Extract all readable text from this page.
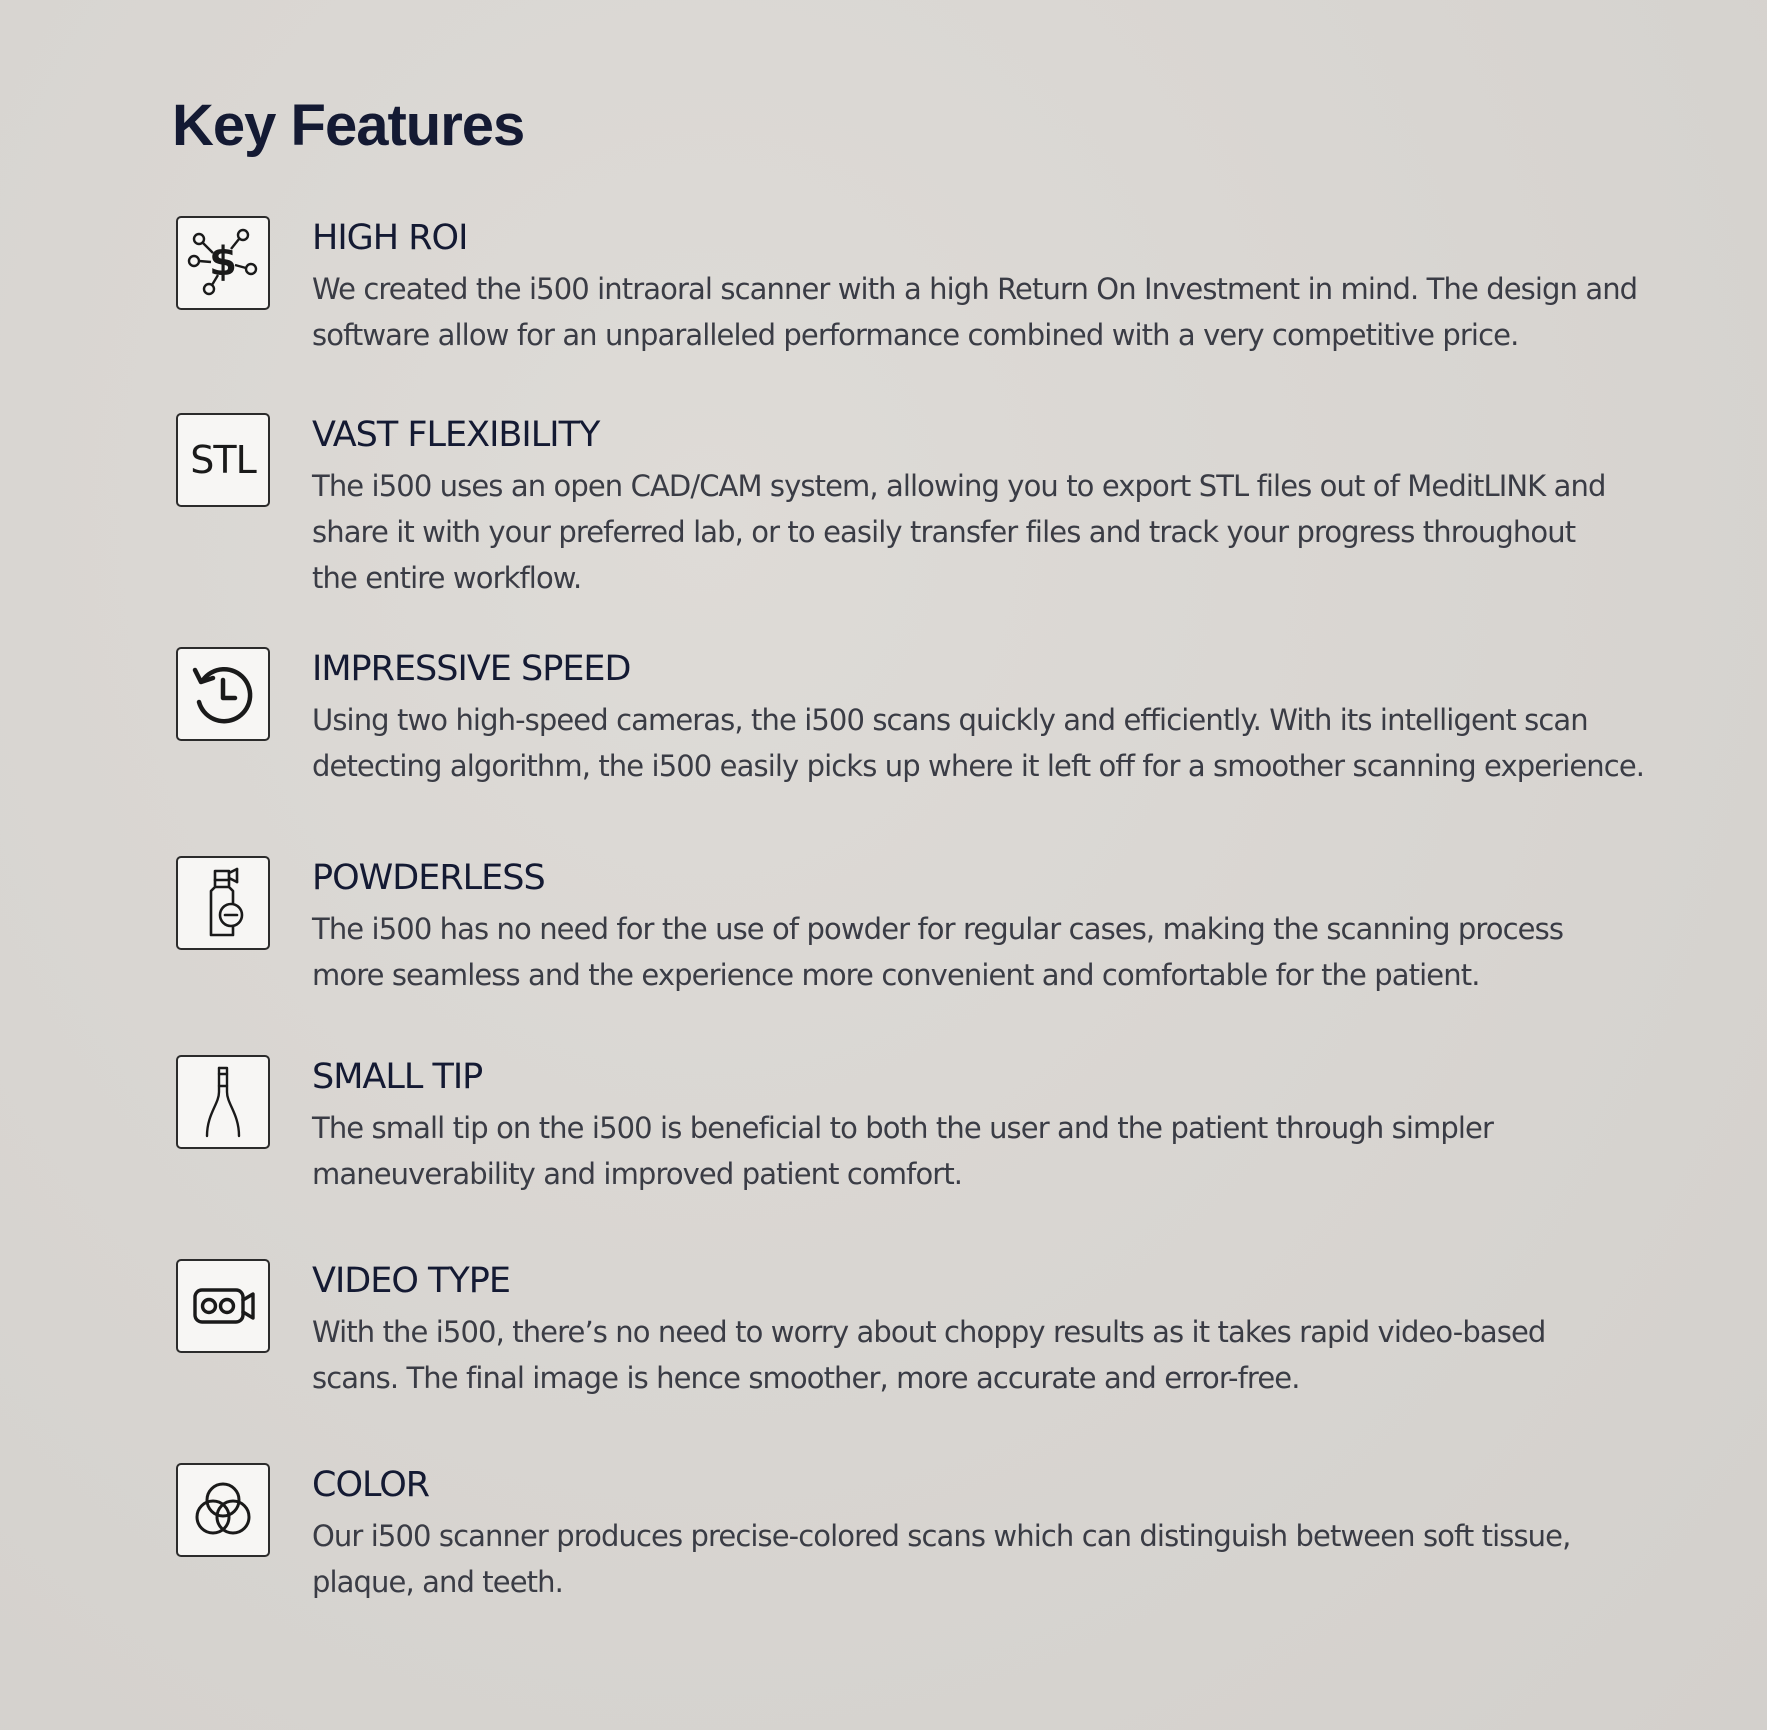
Key Features
$
HIGH ROI

We created the i500 intraoral scanner with a high Return On Investment in mind. The design and
software allow for an unparalleled performance combined with a very competitive price.

STL
VAST FLEXIBILITY

The i500 uses an open CAD/CAM system, allowing you to export STL files out of MeditLINK and
share it with your preferred lab, or to easily transfer files and track your progress throughout
the entire workflow.

IMPRESSIVE SPEED

Using two high-speed cameras, the i500 scans quickly and efficiently. With its intelligent scan
detecting algorithm, the i500 easily picks up where it left off for a smoother scanning experience.

POWDERLESS

The i500 has no need for the use of powder for regular cases, making the scanning process
more seamless and the experience more convenient and comfortable for the patient.

SMALL TIP

The small tip on the i500 is beneficial to both the user and the patient through simpler
maneuverability and improved patient comfort.

VIDEO TYPE

With the i500, there’s no need to worry about choppy results as it takes rapid video-based
scans. The final image is hence smoother, more accurate and error-free.

COLOR

Our i500 scanner produces precise-colored scans which can distinguish between soft tissue,
plaque, and teeth.
